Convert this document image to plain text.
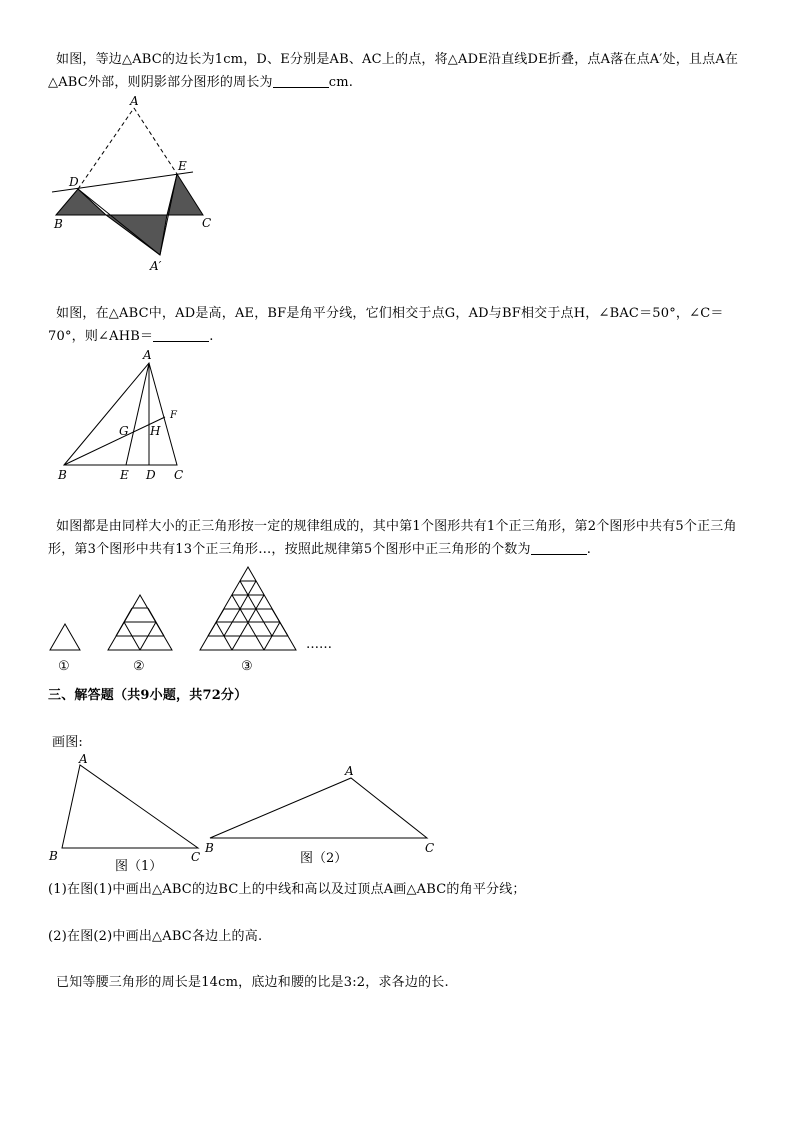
如图，等边△ABC的边长为1cm，D、E分别是AB、AC上的点，将△ADE沿直线DE折叠，点A落在点A′处，且点A在△ABC外部，则阴影部分图形的周长为	cm.
A
D
E
B	C
A′
如图，在△ABC中，AD是高，AE，BF是角平分线，它们相交于点G，AD与BF相交于点H，∠BAC＝50°，∠C＝70°，则∠AHB＝	.
A
B	E D C
F
G H
如图都是由同样大小的正三角形按一定的规律组成的，其中第1个图形共有1个正三角形，第2个图形中共有5个正三角形，第3个图形中共有13个正三角形…，按照此规律第5个图形中正三角形的个数为	.
①	②	③
……
三、解答题（共9小题，共72分）
画图:
A
B	C
图（1）
A
B	C
图（2）
(1)在图(1)中画出△ABC的边BC上的中线和高以及过顶点A画△ABC的角平分线；
(2)在图(2)中画出△ABC各边上的高.
已知等腰三角形的周长是14cm，底边和腰的比是3:2，求各边的长.
